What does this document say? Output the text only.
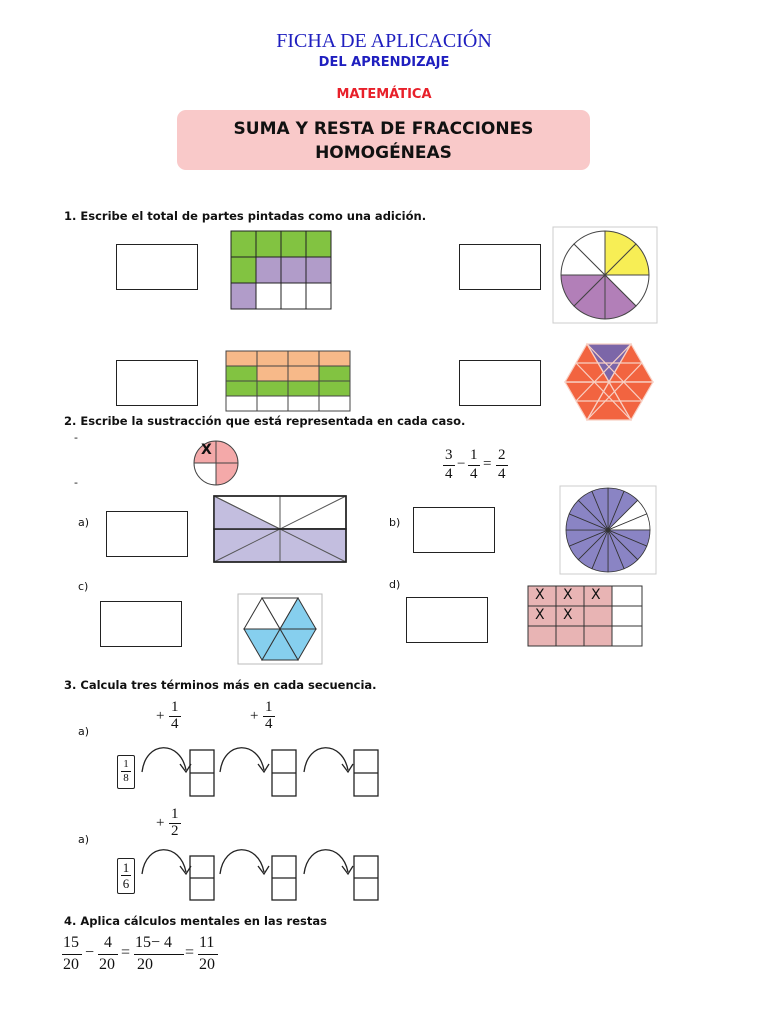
FICHA DE APLICACIÓN
DEL APRENDIZAJE
MATEMÁTICA
SUMA Y RESTA DE FRACCIONES
HOMOGÉNEAS
1. Escribe el total de partes pintadas como una adición.
2. Escribe la sustracción que está representada en cada caso.
-
-
X	3
4
−
1
4
=
2
4
a)	b)
c)	d)
X X X
X X
3. Calcula tres términos más en cada secuencia.
+
1
4	+
1
4
a)
1
8
+
1
2
a)
1
6
4. Aplica cálculos mentales en las restas
15
20
−
4
20
=
15− 4
20
=
11
20
